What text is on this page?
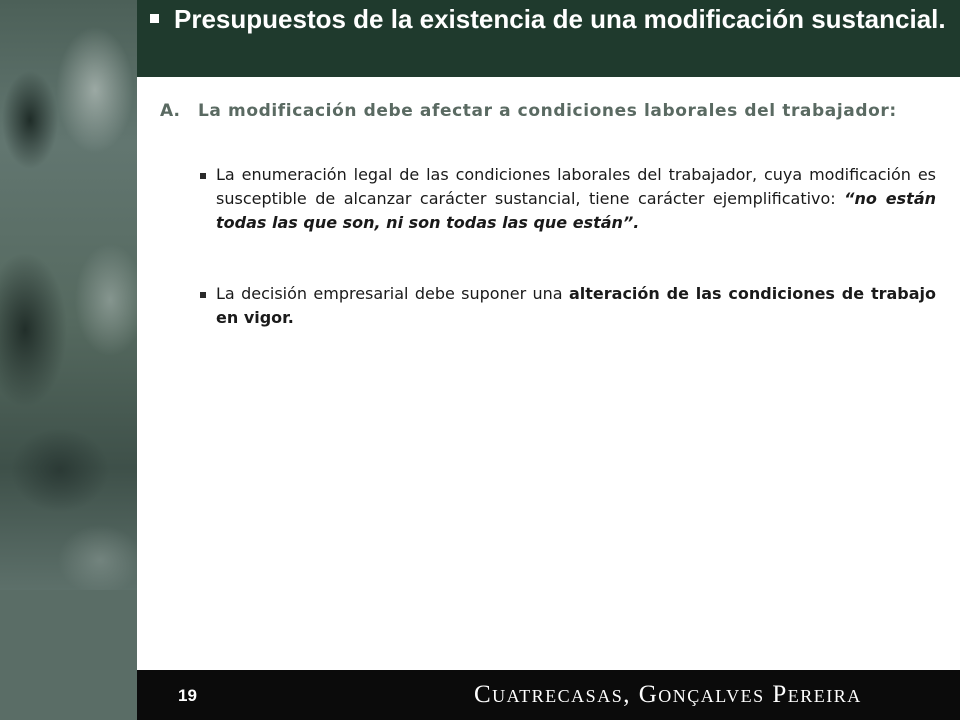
Presupuestos de la existencia de una modificación sustancial.
A. La modificación debe afectar a condiciones laborales del trabajador:

La enumeración legal de las condiciones laborales del trabajador, cuya modificación es susceptible de alcanzar carácter sustancial, tiene carácter ejemplificativo: “no están todas las que son, ni son todas las que están”.

La decisión empresarial debe suponer una alteración de las condiciones de trabajo en vigor.

19	Cuatrecasas, Gonçalves Pereira
